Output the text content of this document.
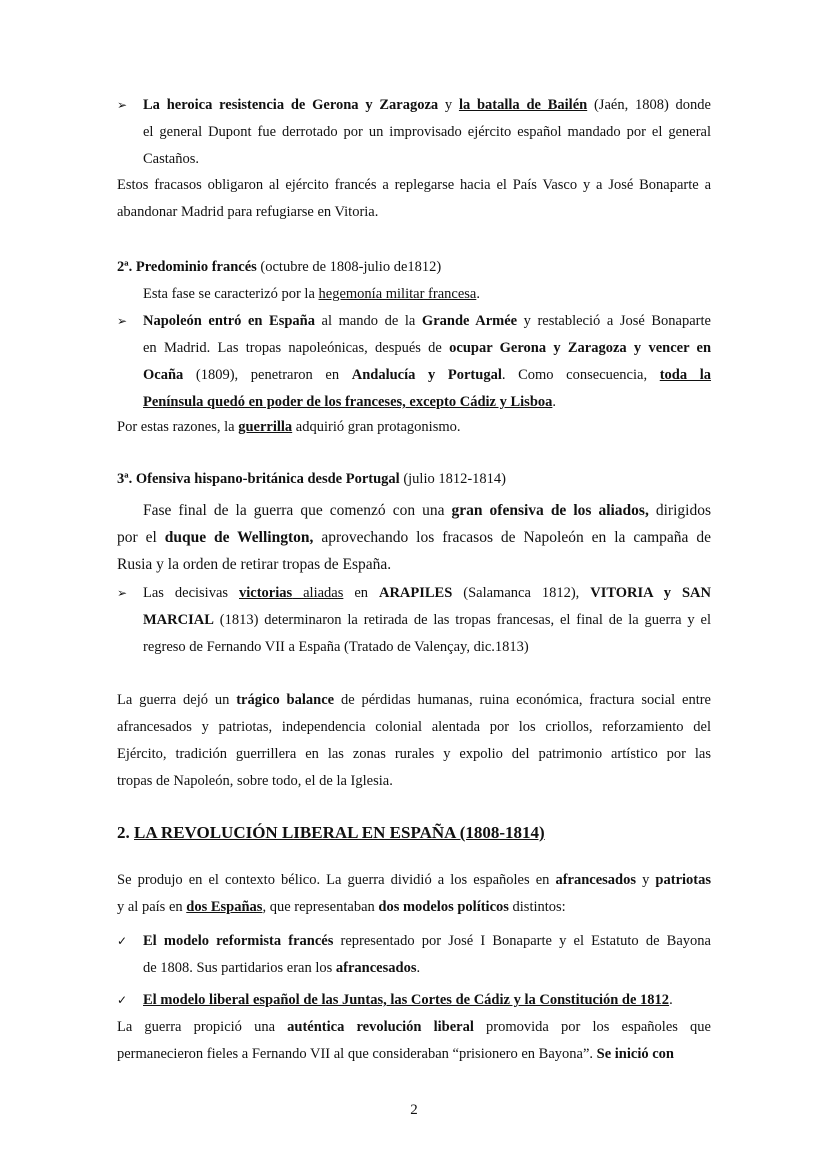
➢ La heroica resistencia de Gerona y Zaragoza y la batalla de Bailén (Jaén, 1808) donde
el general Dupont fue derrotado por un improvisado ejército español mandado por el general
Castaños.
Estos fracasos obligaron al ejército francés a replegarse hacia el País Vasco y a José Bonaparte a
abandonar Madrid para refugiarse en Vitoria.
2ª. Predominio francés (octubre de 1808-julio de1812)
Esta fase se caracterizó por la hegemonía militar francesa.
➢ Napoleón entró en España al mando de la Grande Armée y restableció a José Bonaparte
en Madrid. Las tropas napoleónicas, después de ocupar Gerona y Zaragoza y vencer en
Ocaña (1809), penetraron en Andalucía y Portugal. Como consecuencia, toda la
Península quedó en poder de los franceses, excepto Cádiz y Lisboa.
Por estas razones, la guerrilla adquirió gran protagonismo.
3ª. Ofensiva hispano-británica desde Portugal (julio 1812-1814)
Fase final de la guerra que comenzó con una gran ofensiva de los aliados, dirigidos
por el duque de Wellington, aprovechando los fracasos de Napoleón en la campaña de
Rusia y la orden de retirar tropas de España.
➢ Las decisivas victorias aliadas en ARAPILES (Salamanca 1812), VITORIA y SAN
MARCIAL (1813) determinaron la retirada de las tropas francesas, el final de la guerra y el
regreso de Fernando VII a España (Tratado de Valençay, dic.1813)
La guerra dejó un trágico balance de pérdidas humanas, ruina económica, fractura social entre
afrancesados y patriotas, independencia colonial alentada por los criollos, reforzamiento del
Ejército, tradición guerrillera en las zonas rurales y expolio del patrimonio artístico por las
tropas de Napoleón, sobre todo, el de la Iglesia.
2. LA REVOLUCIÓN LIBERAL EN ESPAÑA (1808-1814)
Se produjo en el contexto bélico. La guerra dividió a los españoles en afrancesados y patriotas
y al país en dos Españas, que representaban dos modelos políticos distintos:
✓ El modelo reformista francés representado por José I Bonaparte y el Estatuto de Bayona
de 1808. Sus partidarios eran los afrancesados.
✓ El modelo liberal español de las Juntas, las Cortes de Cádiz y la Constitución de 1812.
La guerra propició una auténtica revolución liberal promovida por los españoles que
permanecieron fieles a Fernando VII al que consideraban “prisionero en Bayona”. Se inició con
2
